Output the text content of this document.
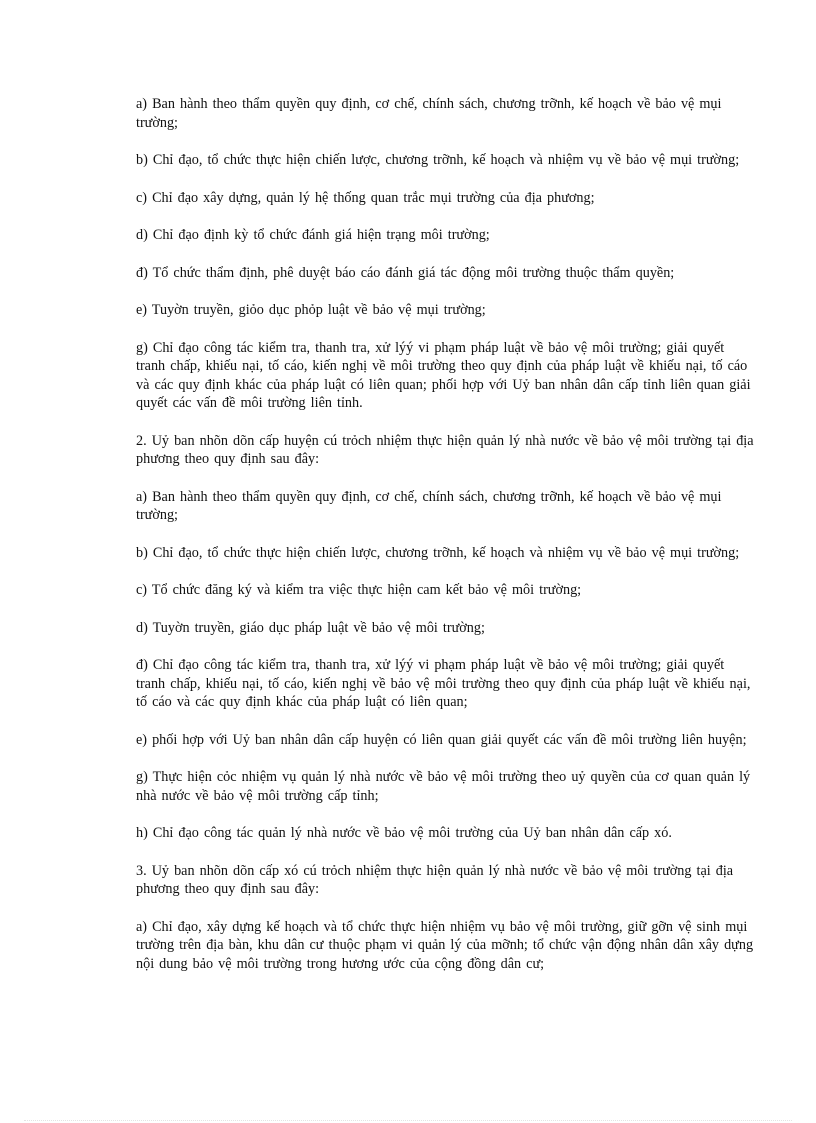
a) Ban hành theo thẩm quyền quy định, cơ chế, chính sách, chương trỡnh, kế hoạch về bảo vệ mụi trường;

b) Chỉ đạo, tổ chức thực hiện chiến lược, chương trỡnh, kế hoạch và nhiệm vụ về bảo vệ mụi trường;

c) Chỉ đạo xây dựng, quản lý hệ thống quan trắc mụi trường của địa phương;

d) Chỉ đạo định kỳ tổ chức đánh giá hiện trạng môi trường;

đ) Tổ chức thẩm định, phê duyệt báo cáo đánh giá tác động môi trường thuộc thẩm quyền;

e) Tuyờn truyền, giỏo dục phỏp luật về bảo vệ mụi trường;

g) Chỉ đạo công tác kiểm tra, thanh tra, xử lýý vi phạm pháp luật về bảo vệ môi trường; giải quyết tranh chấp, khiếu nại, tố cáo, kiến nghị về môi trường theo quy định của pháp luật về khiếu nại, tố cáo và các quy định khác của pháp luật có liên quan; phối hợp với Uỷ ban nhân dân cấp tỉnh liên quan giải quyết các vấn đề môi trường liên tỉnh.

2. Uỷ ban nhõn dõn cấp huyện cú trỏch nhiệm thực hiện quản lý nhà nước về bảo vệ môi trường tại địa phương theo quy định sau đây:

a) Ban hành theo thẩm quyền quy định, cơ chế, chính sách, chương trỡnh, kế hoạch về bảo vệ mụi trường;

b) Chỉ đạo, tổ chức thực hiện chiến lược, chương trỡnh, kế hoạch và nhiệm vụ về bảo vệ mụi trường;

c) Tổ chức đăng ký và kiểm tra việc thực hiện cam kết bảo vệ môi trường;

d) Tuyờn truyền, giáo dục pháp luật về bảo vệ môi trường;

đ) Chỉ đạo công tác kiểm tra, thanh tra, xử lýý vi phạm pháp luật về bảo vệ môi trường; giải quyết tranh chấp, khiếu nại, tố cáo, kiến nghị về bảo vệ môi trường theo quy định của pháp luật về khiếu nại, tố cáo và các quy định khác của pháp luật có liên quan;

e) phối hợp với Uỷ ban nhân dân cấp huyện có liên quan giải quyết các vấn đề môi trường liên huyện;

g) Thực hiện cỏc nhiệm vụ quản lý nhà nước về bảo vệ môi trường theo uỷ quyền của cơ quan quản lý nhà nước về bảo vệ môi trường cấp tỉnh;

h) Chỉ đạo công tác quản lý nhà nước về bảo vệ môi trường của Uỷ ban nhân dân cấp xó.

3. Uỷ ban nhõn dõn cấp xó cú trỏch nhiệm thực hiện quản lý nhà nước về bảo vệ môi trường tại địa phương theo quy định sau đây:

a) Chỉ đạo, xây dựng kế hoạch và tổ chức thực hiện nhiệm vụ bảo vệ môi trường, giữ gỡn vệ sinh mụi trường trên địa bàn, khu dân cư thuộc phạm vi quản lý của mỡnh; tổ chức vận động nhân dân xây dựng nội dung bảo vệ môi trường trong hương ước của cộng đồng dân cư;
